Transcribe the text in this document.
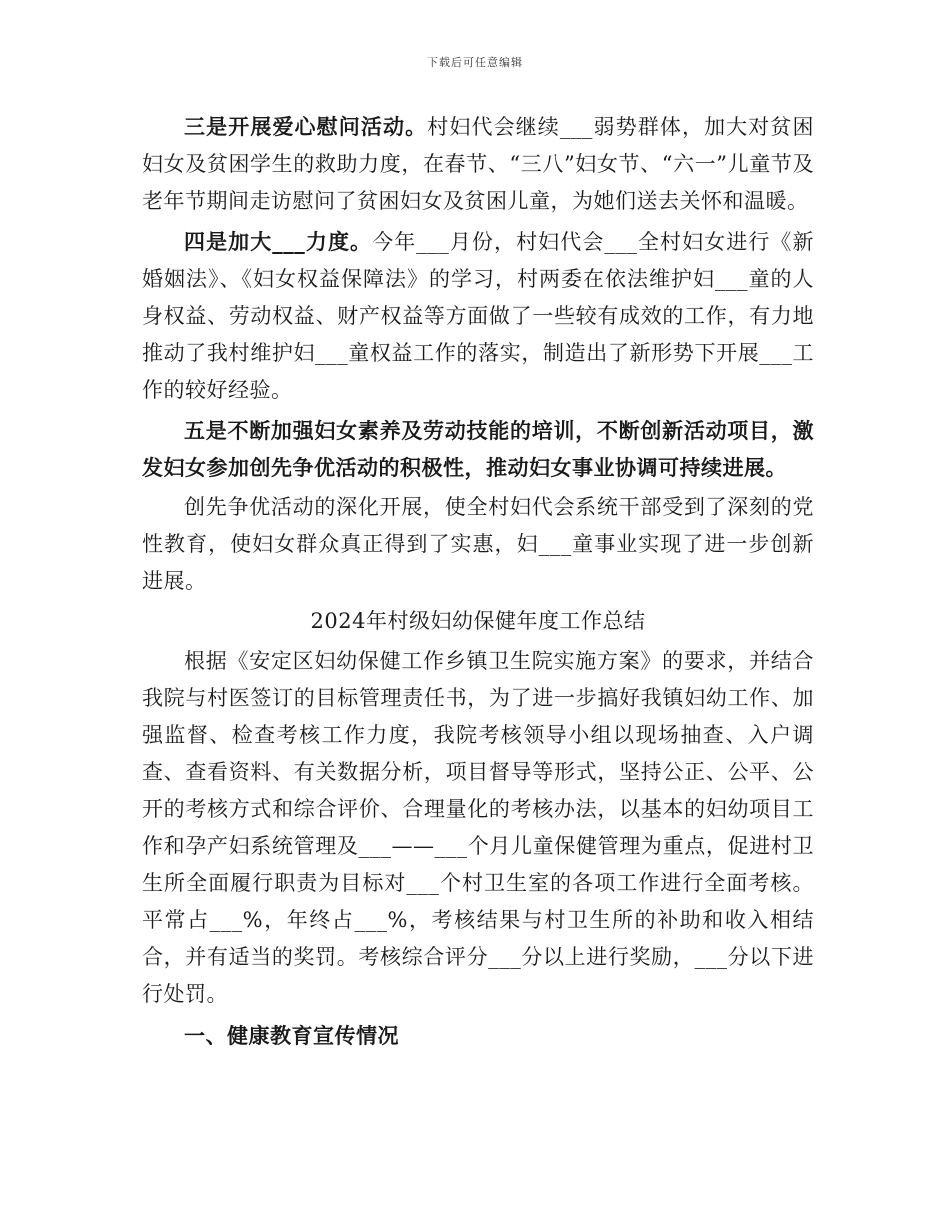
下载后可任意编辑

三是开展爱心慰问活动。村妇代会继续___弱势群体，加大对贫困妇女及贫困学生的救助力度，在春节、“三八”妇女节、“六一”儿童节及老年节期间走访慰问了贫困妇女及贫困儿童，为她们送去关怀和温暖。

四是加大___力度。今年___月份，村妇代会___全村妇女进行《新婚姻法》、《妇女权益保障法》的学习，村两委在依法维护妇___童的人身权益、劳动权益、财产权益等方面做了一些较有成效的工作，有力地推动了我村维护妇___童权益工作的落实，制造出了新形势下开展___工作的较好经验。

五是不断加强妇女素养及劳动技能的培训，不断创新活动项目，激发妇女参加创先争优活动的积极性，推动妇女事业协调可持续进展。

创先争优活动的深化开展，使全村妇代会系统干部受到了深刻的党性教育，使妇女群众真正得到了实惠，妇___童事业实现了进一步创新进展。

2024年村级妇幼保健年度工作总结

根据《安定区妇幼保健工作乡镇卫生院实施方案》的要求，并结合我院与村医签订的目标管理责任书，为了进一步搞好我镇妇幼工作、加强监督、检查考核工作力度，我院考核领导小组以现场抽查、入户调查、查看资料、有关数据分析，项目督导等形式，坚持公正、公平、公开的考核方式和综合评价、合理量化的考核办法，以基本的妇幼项目工作和孕产妇系统管理及___——___个月儿童保健管理为重点，促进村卫生所全面履行职责为目标对___个村卫生室的各项工作进行全面考核。平常占___%，年终占___%，考核结果与村卫生所的补助和收入相结合，并有适当的奖罚。考核综合评分___分以上进行奖励，___分以下进行处罚。

一、健康教育宣传情况
